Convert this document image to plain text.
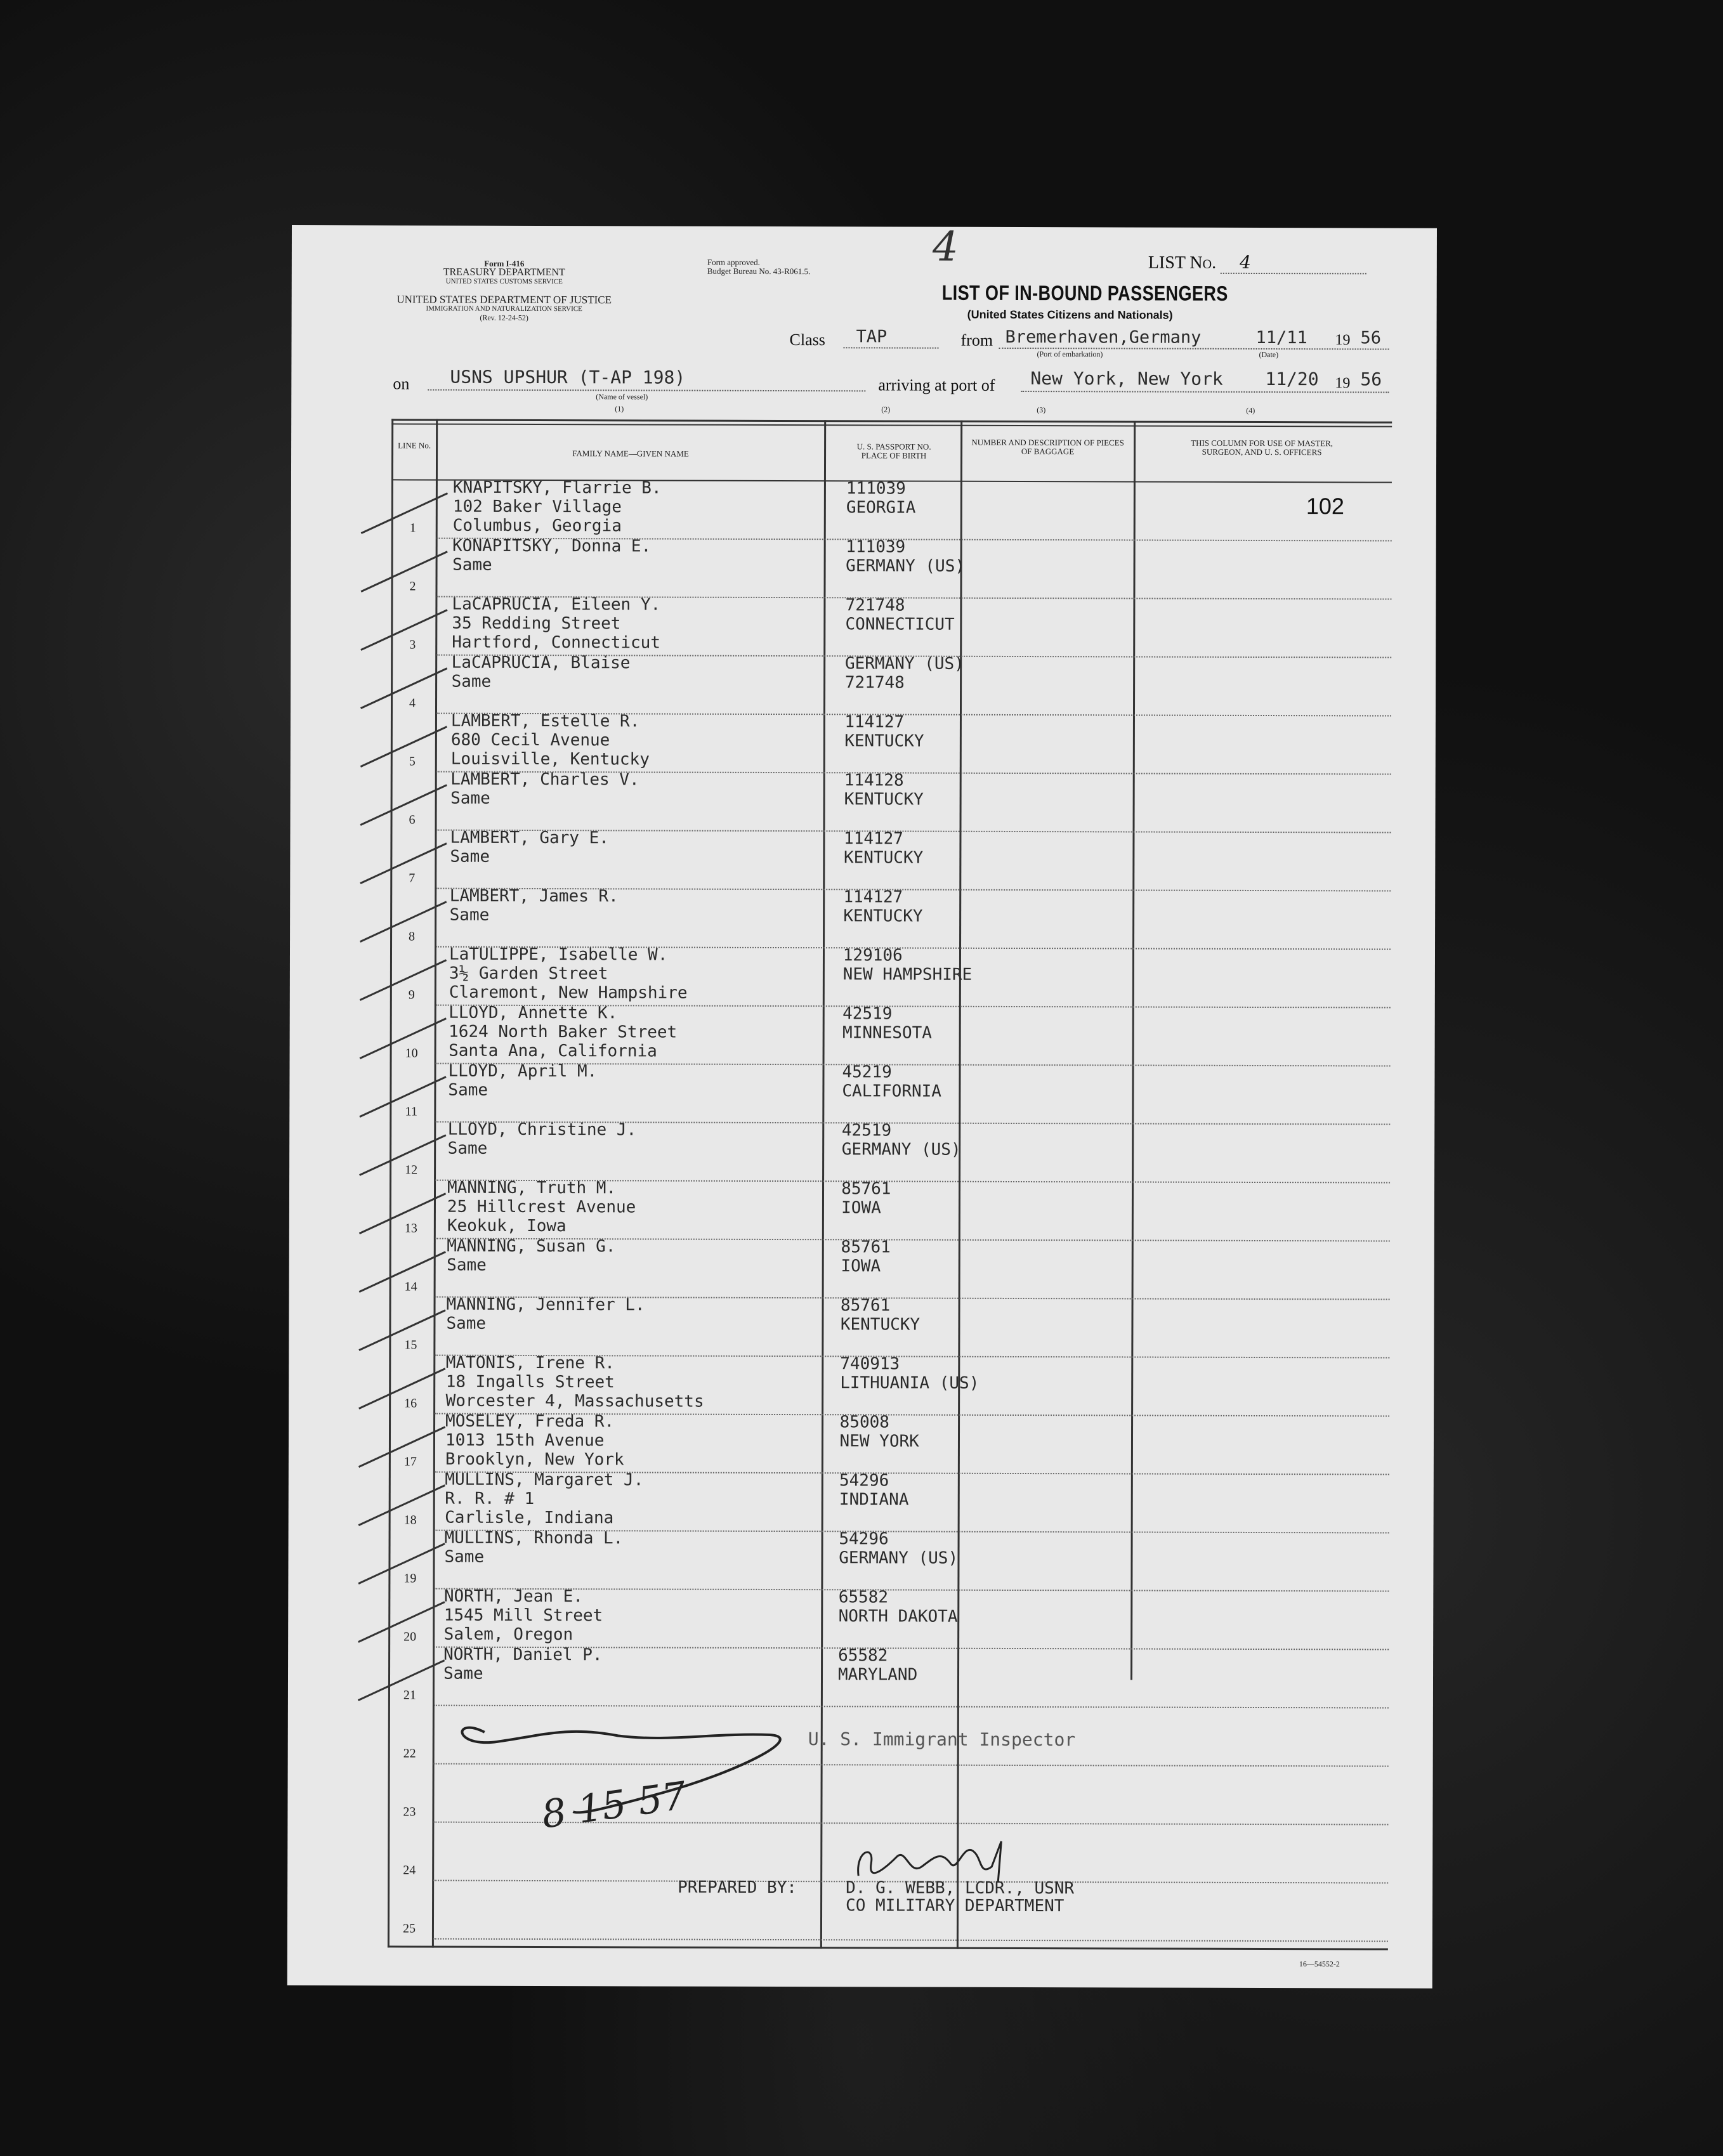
Form I-416
TREASURY DEPARTMENT
UNITED STATES CUSTOMS SERVICE
UNITED STATES DEPARTMENT OF JUSTICE
IMMIGRATION AND NATURALIZATION SERVICE
(Rev. 12-24-52)
Form approved.
Budget Bureau No. 43-R061.5.
4	LIST No. 4
LIST OF IN-BOUND PASSENGERS
(United States Citizens and Nationals)
Class TAP	from Bremerhaven,Germany	11/11 19 56
(Port of embarkation)	(Date)
on USNS UPSHUR (T-AP 198)
(Name of vessel)
arriving at port of New York, New York 11/20 19 56
(1)	(2)	(3)	(4)
LINE No.
FAMILY NAME—GIVEN NAME
U. S. PASSPORT NO. PLACE OF BIRTH
NUMBER AND DESCRIPTION OF PIECES OF BAGGAGE
THIS COLUMN FOR USE OF MASTER, SURGEON, AND U. S. OFFICERS
1
KNAPITSKY, Flarrie B.
102 Baker Village
Columbus, Georgia
111039
GEORGIA	102
2
KONAPITSKY, Donna E.
Same
111039
GERMANY (US)
3
LaCAPRUCIA, Eileen Y.
35 Redding Street
Hartford, Connecticut
721748
CONNECTICUT
4
LaCAPRUCIA, Blaise
Same
GERMANY (US)
721748
5
LAMBERT, Estelle R.
680 Cecil Avenue
Louisville, Kentucky
114127
KENTUCKY
6
LAMBERT, Charles V.
Same
114128
KENTUCKY
7
LAMBERT, Gary E.
Same
114127
KENTUCKY
8
LAMBERT, James R.
Same
114127
KENTUCKY
9
LaTULIPPE, Isabelle W.
3½ Garden Street
Claremont, New Hampshire
129106
NEW HAMPSHIRE
10
LLOYD, Annette K.
1624 North Baker Street
Santa Ana, California
42519
MINNESOTA
11
LLOYD, April M.
Same
45219
CALIFORNIA
12
LLOYD, Christine J.
Same
42519
GERMANY (US)
13
MANNING, Truth M.
25 Hillcrest Avenue
Keokuk, Iowa
85761
IOWA
14
MANNING, Susan G.
Same
85761
IOWA
15
MANNING, Jennifer L.
Same
85761
KENTUCKY
16
MATONIS, Irene R.
18 Ingalls Street
Worcester 4, Massachusetts
740913
LITHUANIA (US)
17
MOSELEY, Freda R.
1013 15th Avenue
Brooklyn, New York
85008
NEW YORK
18
MULLINS, Margaret J.
R. R. # 1
Carlisle, Indiana
54296
INDIANA
19
MULLINS, Rhonda L.
Same
54296
GERMANY (US)
20
NORTH, Jean E.
1545 Mill Street
Salem, Oregon
65582
NORTH DAKOTA
21
NORTH, Daniel P.
Same
65582
MARYLAND
22
23
24
25
U. S. Immigrant Inspector
8 15 57
PREPARED BY:	D. G. WEBB, LCDR., USNR
CO MILITARY DEPARTMENT
16—54552-2
